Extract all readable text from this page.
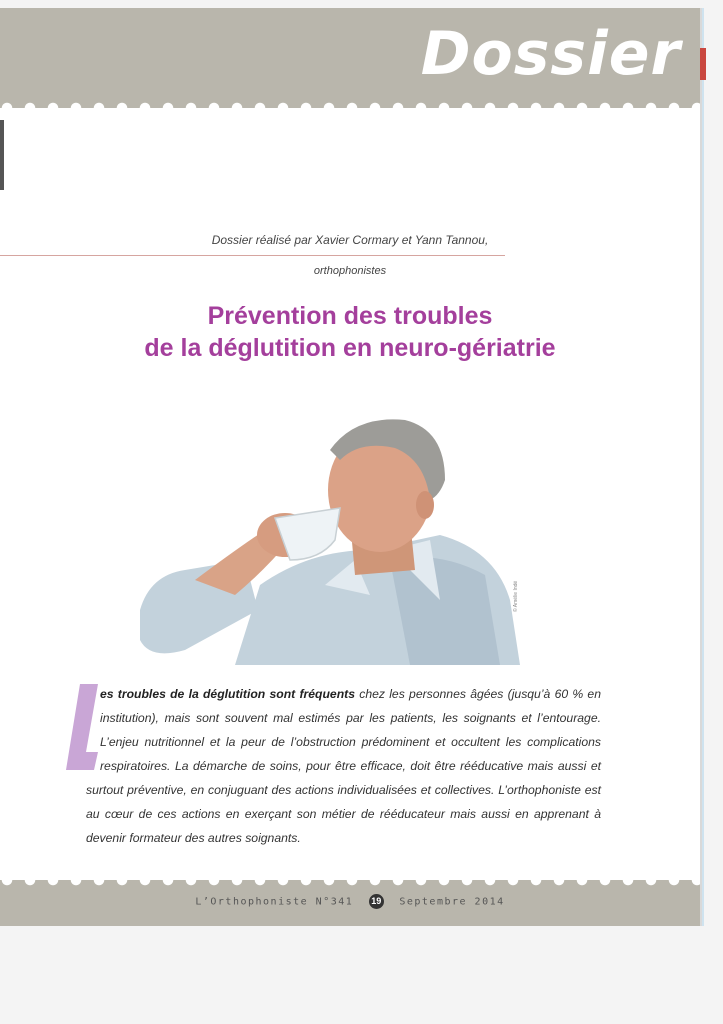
Dossier
Dossier réalisé par Xavier Cormary et Yann Tannou,
orthophonistes
Prévention des troubles
de la déglutition en neuro-gériatrie
© Amélie Indé

es troubles de la déglutition sont fréquents chez les personnes âgées (jusqu’à 60 % en institution), mais sont souvent mal estimés par les patients, les soignants et l’entourage. L’enjeu nutritionnel et la peur de l’obstruction prédominent et occultent les complications respiratoires. La démarche de soins, pour être efficace, doit être rééducative mais aussi et surtout préventive, en conjuguant des actions individualisées et collectives. L’orthophoniste est au cœur de ces actions en exerçant son métier de rééducateur mais aussi en apprenant à devenir formateur des autres soignants.

L’Orthophoniste N°341 19 Septembre 2014
